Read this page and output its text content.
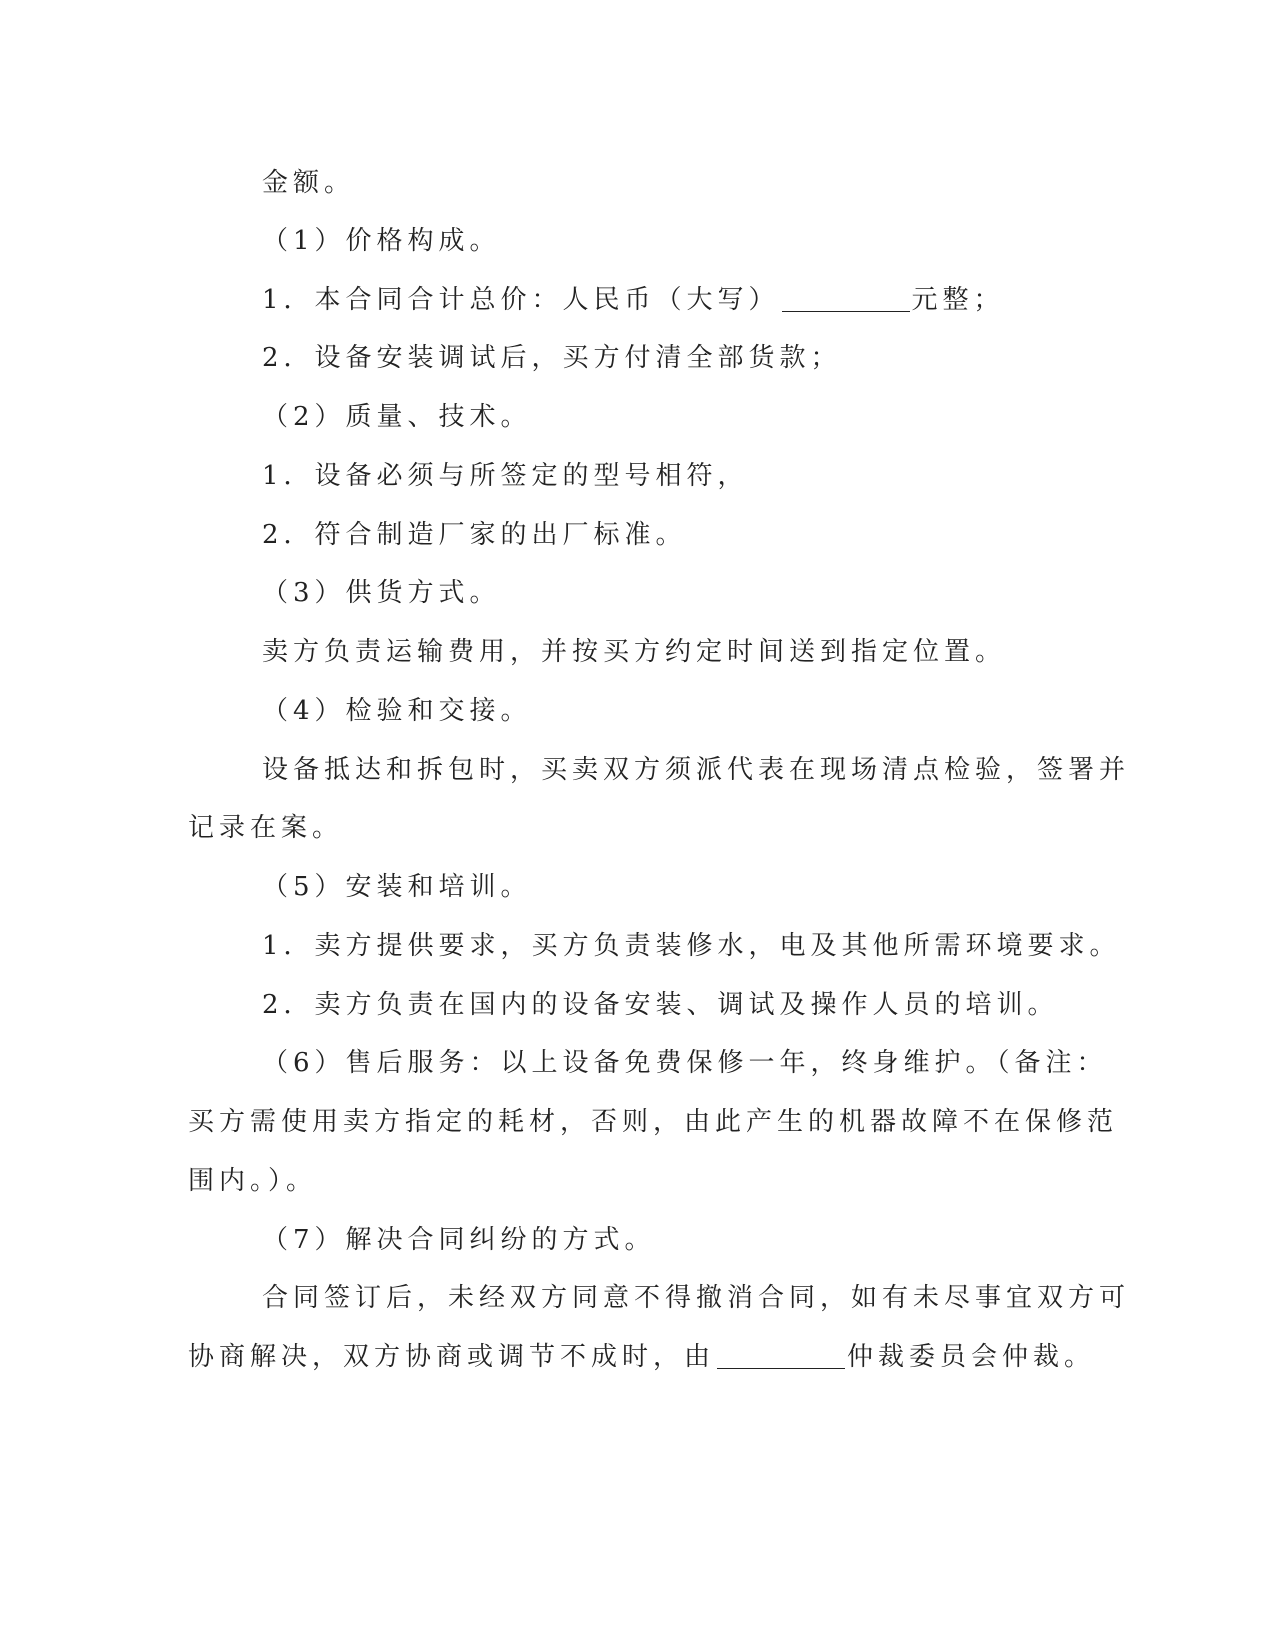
金额。

（1）价格构成。

1．本合同合计总价：人民币（大写）	元整；

2．设备安装调试后，买方付清全部货款；

（2）质量、技术。

1．设备必须与所签定的型号相符，

2．符合制造厂家的出厂标准。

（3）供货方式。

卖方负责运输费用，并按买方约定时间送到指定位置。

（4）检验和交接。

设备抵达和拆包时，买卖双方须派代表在现场清点检验，签署并

记录在案。

（5）安装和培训。

1．卖方提供要求，买方负责装修水，电及其他所需环境要求。

2．卖方负责在国内的设备安装、调试及操作人员的培训。

（6）售后服务：以上设备免费保修一年，终身维护。（备注：

买方需使用卖方指定的耗材，否则，由此产生的机器故障不在保修范

围内。）。

（7）解决合同纠纷的方式。

合同签订后，未经双方同意不得撤消合同，如有未尽事宜双方可

协商解决，双方协商或调节不成时，由	仲裁委员会仲裁。
